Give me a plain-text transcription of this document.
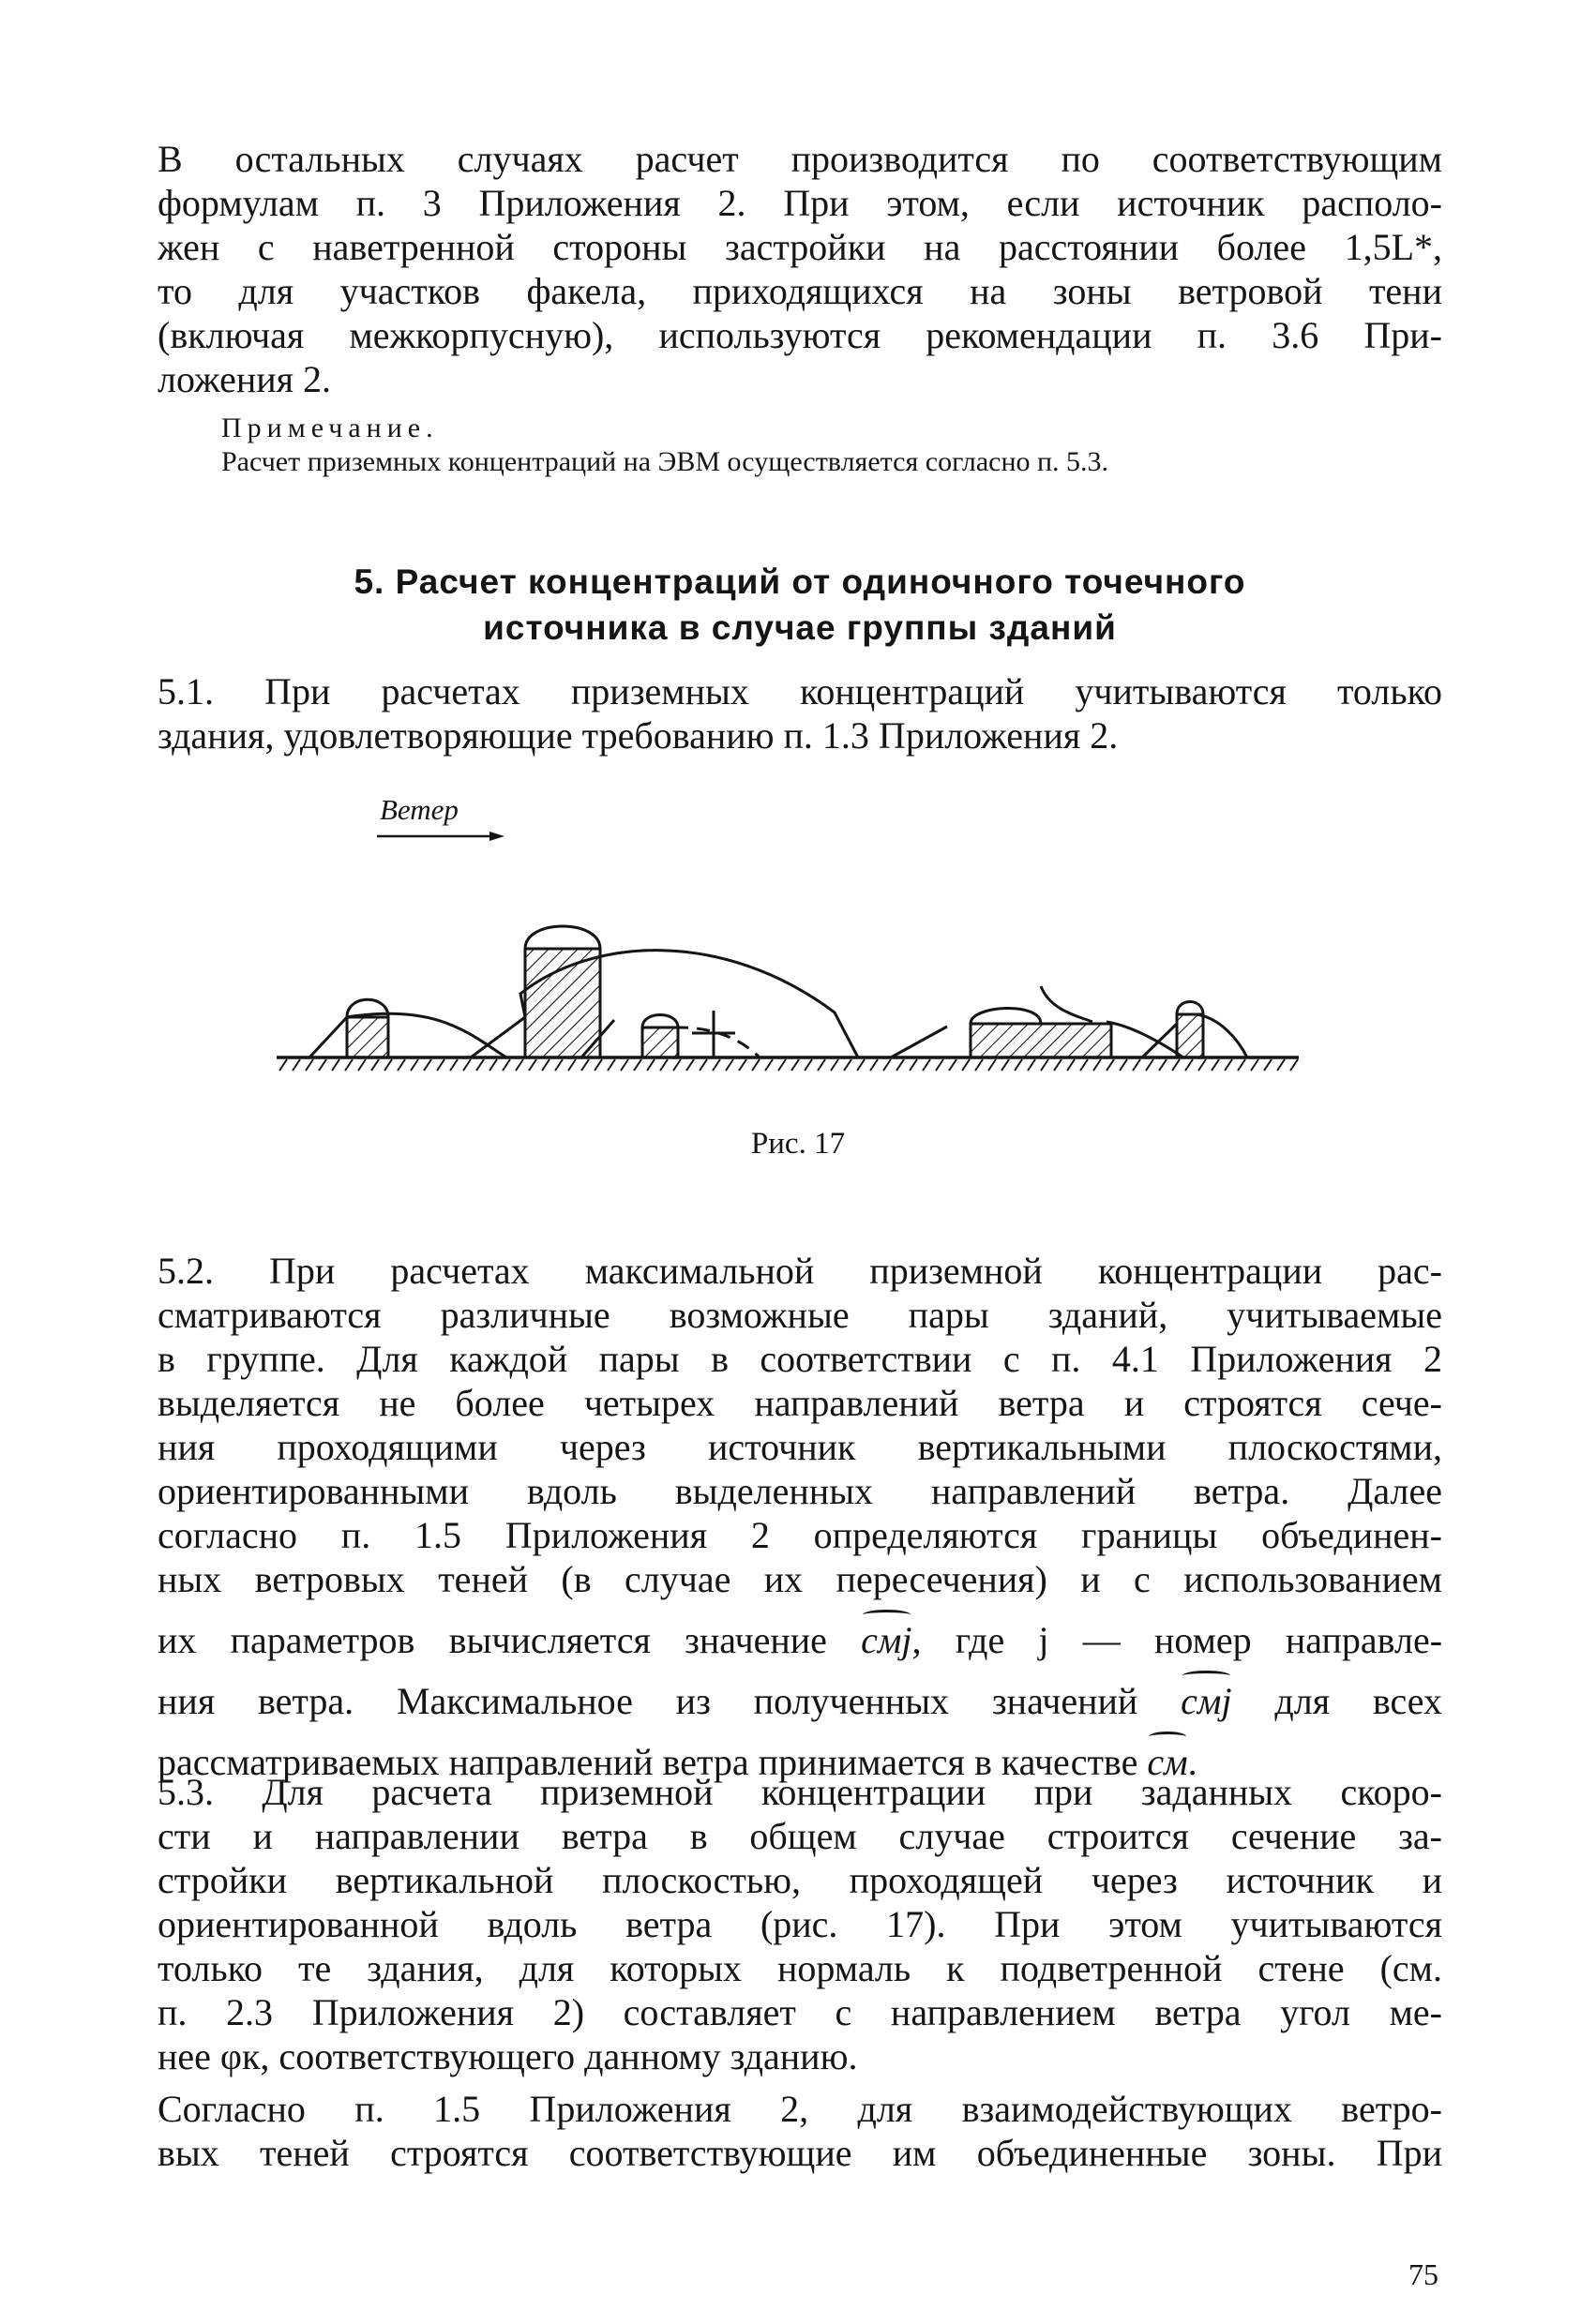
В остальных случаях расчет производится по соответствующим
формулам п. 3 Приложения 2. При этом, если источник располо-
жен с наветренной стороны застройки на расстоянии более 1,5L*,
то для участков факела, приходящихся на зоны ветровой тени
(включая межкорпусную), используются рекомендации п. 3.6 При-
ложения 2.

Примечание.

Расчет приземных концентраций на ЭВМ осуществляется согласно п. 5.3.

5. Расчет концентраций от одиночного точечного
источника в случае группы зданий

5.1. При расчетах приземных концентраций учитываются только
здания, удовлетворяющие требованию п. 1.3 Приложения 2.

Ветер

Рис. 17

5.2. При расчетах максимальной приземной концентрации рас-
сматриваются различные возможные пары зданий, учитываемые
в группе. Для каждой пары в соответствии с п. 4.1 Приложения 2
выделяется не более четырех направлений ветра и строятся сече-
ния проходящими через источник вертикальными плоскостями,
ориентированными вдоль выделенных направлений ветра. Далее
согласно п. 1.5 Приложения 2 определяются границы объединен-
ных ветровых теней (в случае их пересечения) и с использованием
их параметров вычисляется значение cмj, где j — номер направле-
ния ветра. Максимальное из полученных значений cмj для всех
рассматриваемых направлений ветра принимается в качестве cм.

5.3. Для расчета приземной концентрации при заданных скоро-
сти и направлении ветра в общем случае строится сечение за-
стройки вертикальной плоскостью, проходящей через источник и
ориентированной вдоль ветра (рис. 17). При этом учитываются
только те здания, для которых нормаль к подветренной стене (см.
п. 2.3 Приложения 2) составляет с направлением ветра угол ме-
нее φк, соответствующего данному зданию.

Согласно п. 1.5 Приложения 2, для взаимодействующих ветро-
вых теней строятся соответствующие им объединенные зоны. При

75
